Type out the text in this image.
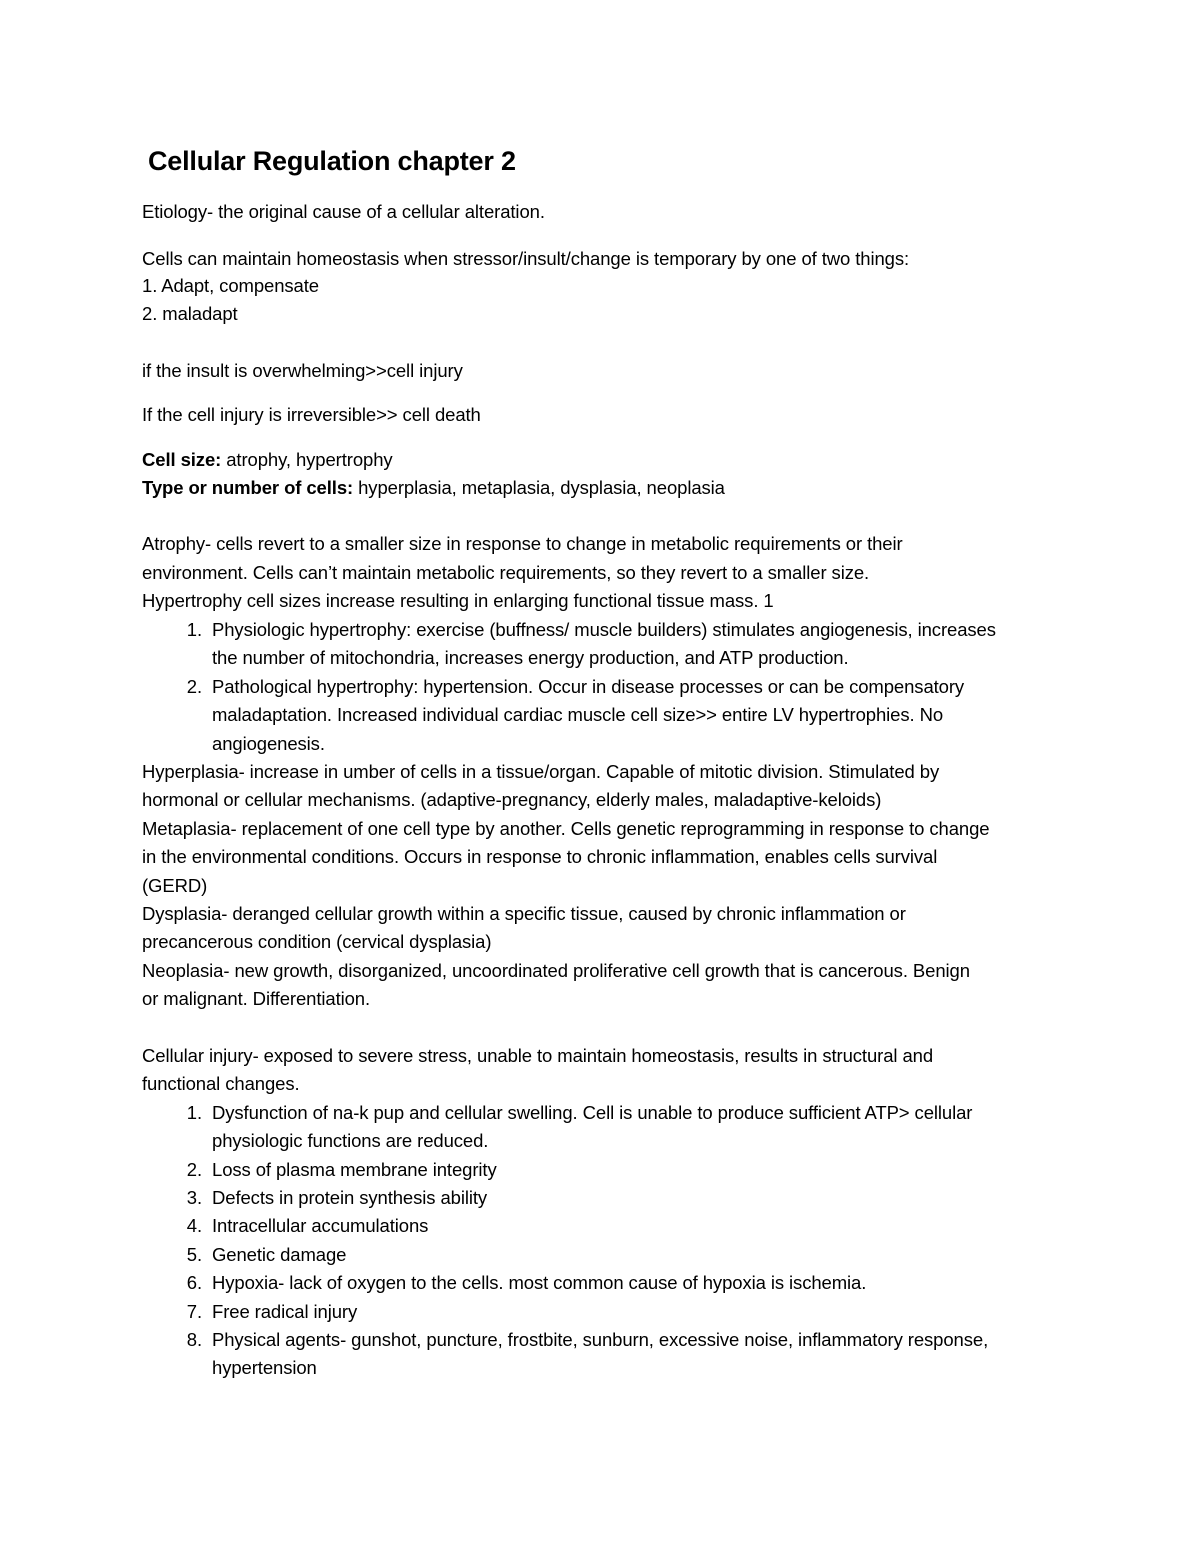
Cellular Regulation chapter 2

Etiology- the original cause of a cellular alteration.

Cells can maintain homeostasis when stressor/insult/change is temporary by one of two things:

1. Adapt, compensate

2. maladapt

if the insult is overwhelming>>cell injury

If the cell injury is irreversible>> cell death

Cell size: atrophy, hypertrophy

Type or number of cells: hyperplasia, metaplasia, dysplasia, neoplasia

Atrophy- cells revert to a smaller size in response to change in metabolic requirements or their

environment. Cells can’t maintain metabolic requirements, so they revert to a smaller size.

Hypertrophy cell sizes increase resulting in enlarging functional tissue mass. 1

1. Physiologic hypertrophy: exercise (buffness/ muscle builders) stimulates angiogenesis, increases

the number of mitochondria, increases energy production, and ATP production.

2. Pathological hypertrophy: hypertension. Occur in disease processes or can be compensatory

maladaptation. Increased individual cardiac muscle cell size>> entire LV hypertrophies. No

angiogenesis.

Hyperplasia- increase in umber of cells in a tissue/organ. Capable of mitotic division. Stimulated by

hormonal or cellular mechanisms. (adaptive-pregnancy, elderly males, maladaptive-keloids)

Metaplasia- replacement of one cell type by another. Cells genetic reprogramming in response to change

in the environmental conditions. Occurs in response to chronic inflammation, enables cells survival

(GERD)

Dysplasia- deranged cellular growth within a specific tissue, caused by chronic inflammation or

precancerous condition (cervical dysplasia)

Neoplasia- new growth, disorganized, uncoordinated proliferative cell growth that is cancerous. Benign

or malignant. Differentiation.

Cellular injury- exposed to severe stress, unable to maintain homeostasis, results in structural and

functional changes.

1. Dysfunction of na-k pup and cellular swelling. Cell is unable to produce sufficient ATP> cellular

physiologic functions are reduced.

2. Loss of plasma membrane integrity

3. Defects in protein synthesis ability

4. Intracellular accumulations

5. Genetic damage

6. Hypoxia- lack of oxygen to the cells. most common cause of hypoxia is ischemia.

7. Free radical injury

8. Physical agents- gunshot, puncture, frostbite, sunburn, excessive noise, inflammatory response,

hypertension
